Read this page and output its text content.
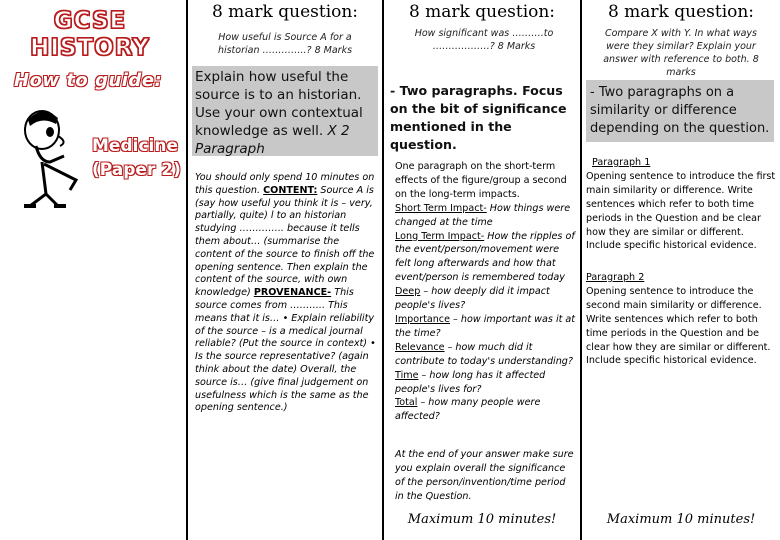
GCSE
HISTORY
How to guide:
Medicine
(Paper 2)
8 mark question:
How useful is Source A for a historian …………..? 8 Marks
Explain how useful the source is to an historian. Use your own contextual knowledge as well. X 2 Paragraph
You should only spend 10 minutes on this question. CONTENT: Source A is (say how useful you think it is – very, partially, quite) l to an historian studying ………….. because it tells them about… (summarise the content of the source to finish off the opening sentence. Then explain the content of the source, with own knowledge) PROVENANCE- This source comes from ……….. This means that it is… • Explain reliability of the source – is a medical journal reliable? (Put the source in context) • Is the source representative? (again think about the date) Overall, the source is… (give final judgement on usefulness which is the same as the opening sentence.)
8 mark question:
How significant was ……….to ………………? 8 Marks
- Two paragraphs. Focus on the bit of significance mentioned in the question.
One paragraph on the short-term effects of the figure/group a second on the long-term impacts.
Short Term Impact- How things were changed at the time
Long Term Impact- How the ripples of the event/person/movement were felt long afterwards and how that event/person is remembered today
Deep – how deeply did it impact people's lives?
Importance – how important was it at the time?
Relevance – how much did it contribute to today's understanding?
Time – how long has it affected people's lives for?
Total – how many people were affected?
At the end of your answer make sure you explain overall the significance of the person/invention/time period in the Question.
Maximum 10 minutes!
8 mark question:
Compare X with Y. In what ways were they similar? Explain your answer with reference to both. 8 marks
- Two paragraphs on a similarity or difference depending on the question.
Paragraph 1
Opening sentence to introduce the first main similarity or difference. Write sentences which refer to both time periods in the Question and be clear how they are similar or different. Include specific historical evidence.
Paragraph 2
Opening sentence to introduce the second main similarity or difference. Write sentences which refer to both time periods in the Question and be clear how they are similar or different. Include specific historical evidence.
Maximum 10 minutes!
